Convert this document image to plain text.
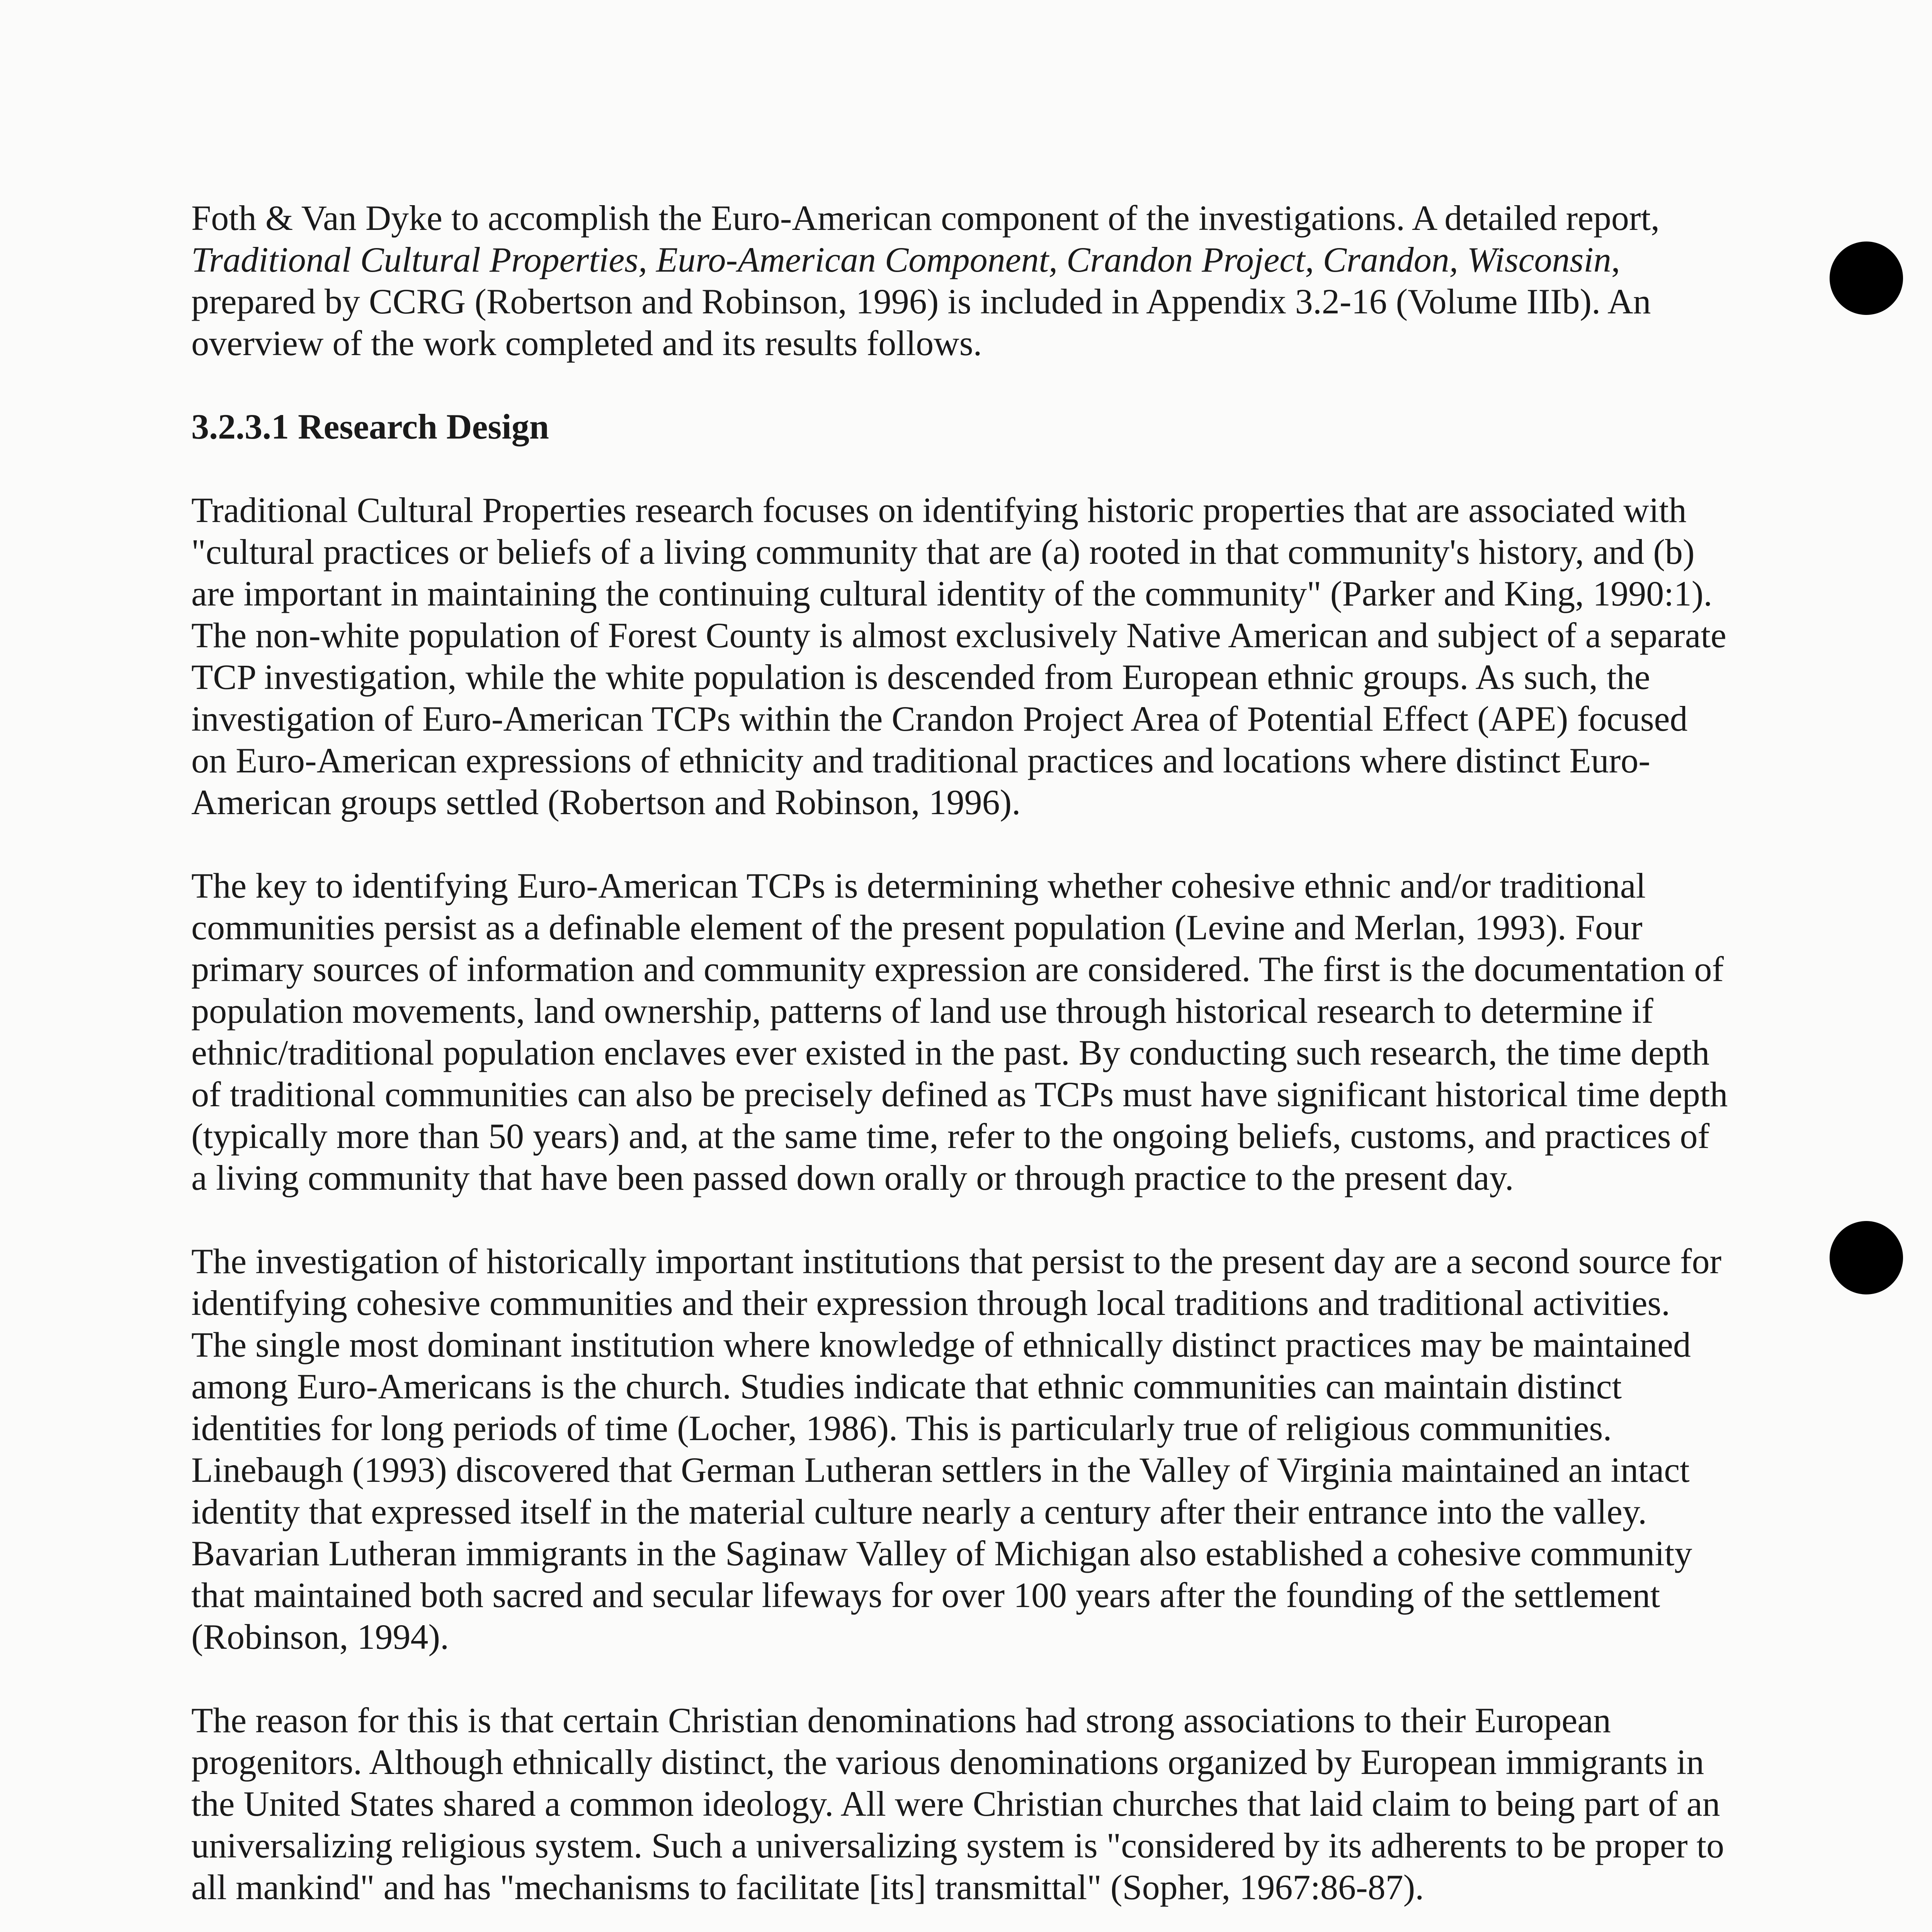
Foth & Van Dyke to accomplish the Euro-American component of the investigations. A detailed report, Traditional Cultural Properties, Euro-American Component, Crandon Project, Crandon, Wisconsin, prepared by CCRG (Robertson and Robinson, 1996) is included in Appendix 3.2-16 (Volume IIIb). An overview of the work completed and its results follows.

3.2.3.1 Research Design

Traditional Cultural Properties research focuses on identifying historic properties that are associated with "cultural practices or beliefs of a living community that are (a) rooted in that community's history, and (b) are important in maintaining the continuing cultural identity of the community" (Parker and King, 1990:1). The non-white population of Forest County is almost exclusively Native American and subject of a separate TCP investigation, while the white population is descended from European ethnic groups. As such, the investigation of Euro-American TCPs within the Crandon Project Area of Potential Effect (APE) focused on Euro-American expressions of ethnicity and traditional practices and locations where distinct Euro-American groups settled (Robertson and Robinson, 1996).

The key to identifying Euro-American TCPs is determining whether cohesive ethnic and/or traditional communities persist as a definable element of the present population (Levine and Merlan, 1993). Four primary sources of information and community expression are considered. The first is the documentation of population movements, land ownership, patterns of land use through historical research to determine if ethnic/traditional population enclaves ever existed in the past. By conducting such research, the time depth of traditional communities can also be precisely defined as TCPs must have significant historical time depth (typically more than 50 years) and, at the same time, refer to the ongoing beliefs, customs, and practices of a living community that have been passed down orally or through practice to the present day.

The investigation of historically important institutions that persist to the present day are a second source for identifying cohesive communities and their expression through local traditions and traditional activities. The single most dominant institution where knowledge of ethnically distinct practices may be maintained among Euro-Americans is the church. Studies indicate that ethnic communities can maintain distinct identities for long periods of time (Locher, 1986). This is particularly true of religious communities. Linebaugh (1993) discovered that German Lutheran settlers in the Valley of Virginia maintained an intact identity that expressed itself in the material culture nearly a century after their entrance into the valley. Bavarian Lutheran immigrants in the Saginaw Valley of Michigan also established a cohesive community that maintained both sacred and secular lifeways for over 100 years after the founding of the settlement (Robinson, 1994).

The reason for this is that certain Christian denominations had strong associations to their European progenitors. Although ethnically distinct, the various denominations organized by European immigrants in the United States shared a common ideology. All were Christian churches that laid claim to being part of an universalizing religious system. Such a universalizing system is "considered by its adherents to be proper to all mankind" and has "mechanisms to facilitate [its] transmittal" (Sopher, 1967:86-87).
